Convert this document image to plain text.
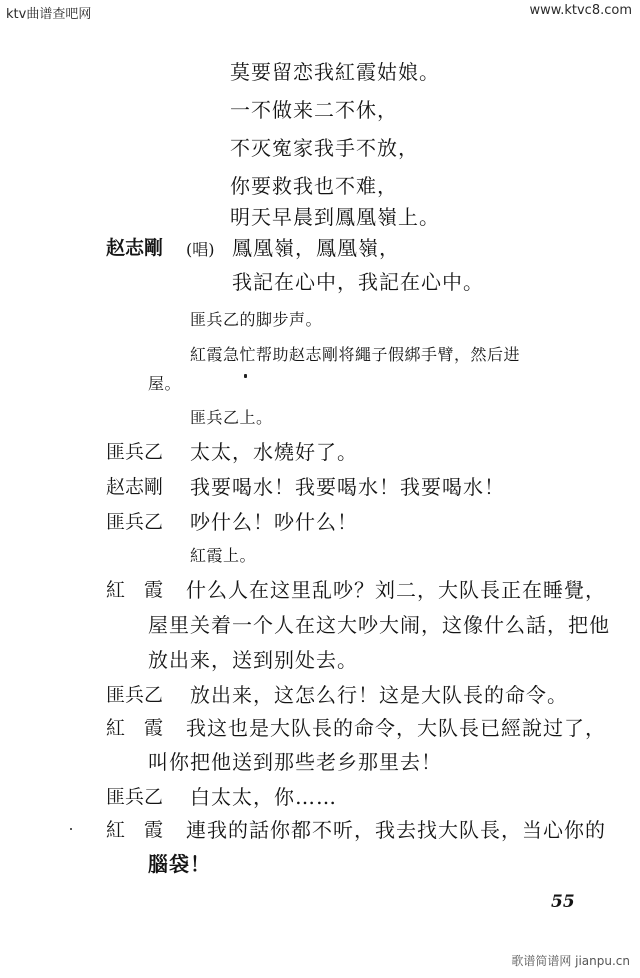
ktv曲谱查吧网	www.ktvc8.com
莫要留恋我紅霞姑娘。
一不做来二不休，
不灭寃家我手不放，
你要救我也不难，
明天早晨到鳳凰嶺上。
赵志剛 (唱) 鳳凰嶺，鳳凰嶺，
我記在心中，我記在心中。
匪兵乙的脚步声。
紅霞急忙帮助赵志剛将繩子假綁手臂，然后进
屋。
匪兵乙上。
匪兵乙 太太，水燒好了。
赵志剛 我要喝水！我要喝水！我要喝水！
匪兵乙 吵什么！吵什么！
紅霞上。
紅　霞 什么人在这里乱吵？刘二，大队長正在睡覺，
屋里关着一个人在这大吵大闹，这像什么話，把他
放出来，送到别处去。
匪兵乙 放出来，这怎么行！这是大队長的命令。
紅　霞 我这也是大队長的命令，大队長已經說过了，
叫你把他送到那些老乡那里去！
匪兵乙 白太太，你……
紅　霞 連我的話你都不听，我去找大队長，当心你的
腦袋！
55
歌谱简谱网 jianpu.cn
